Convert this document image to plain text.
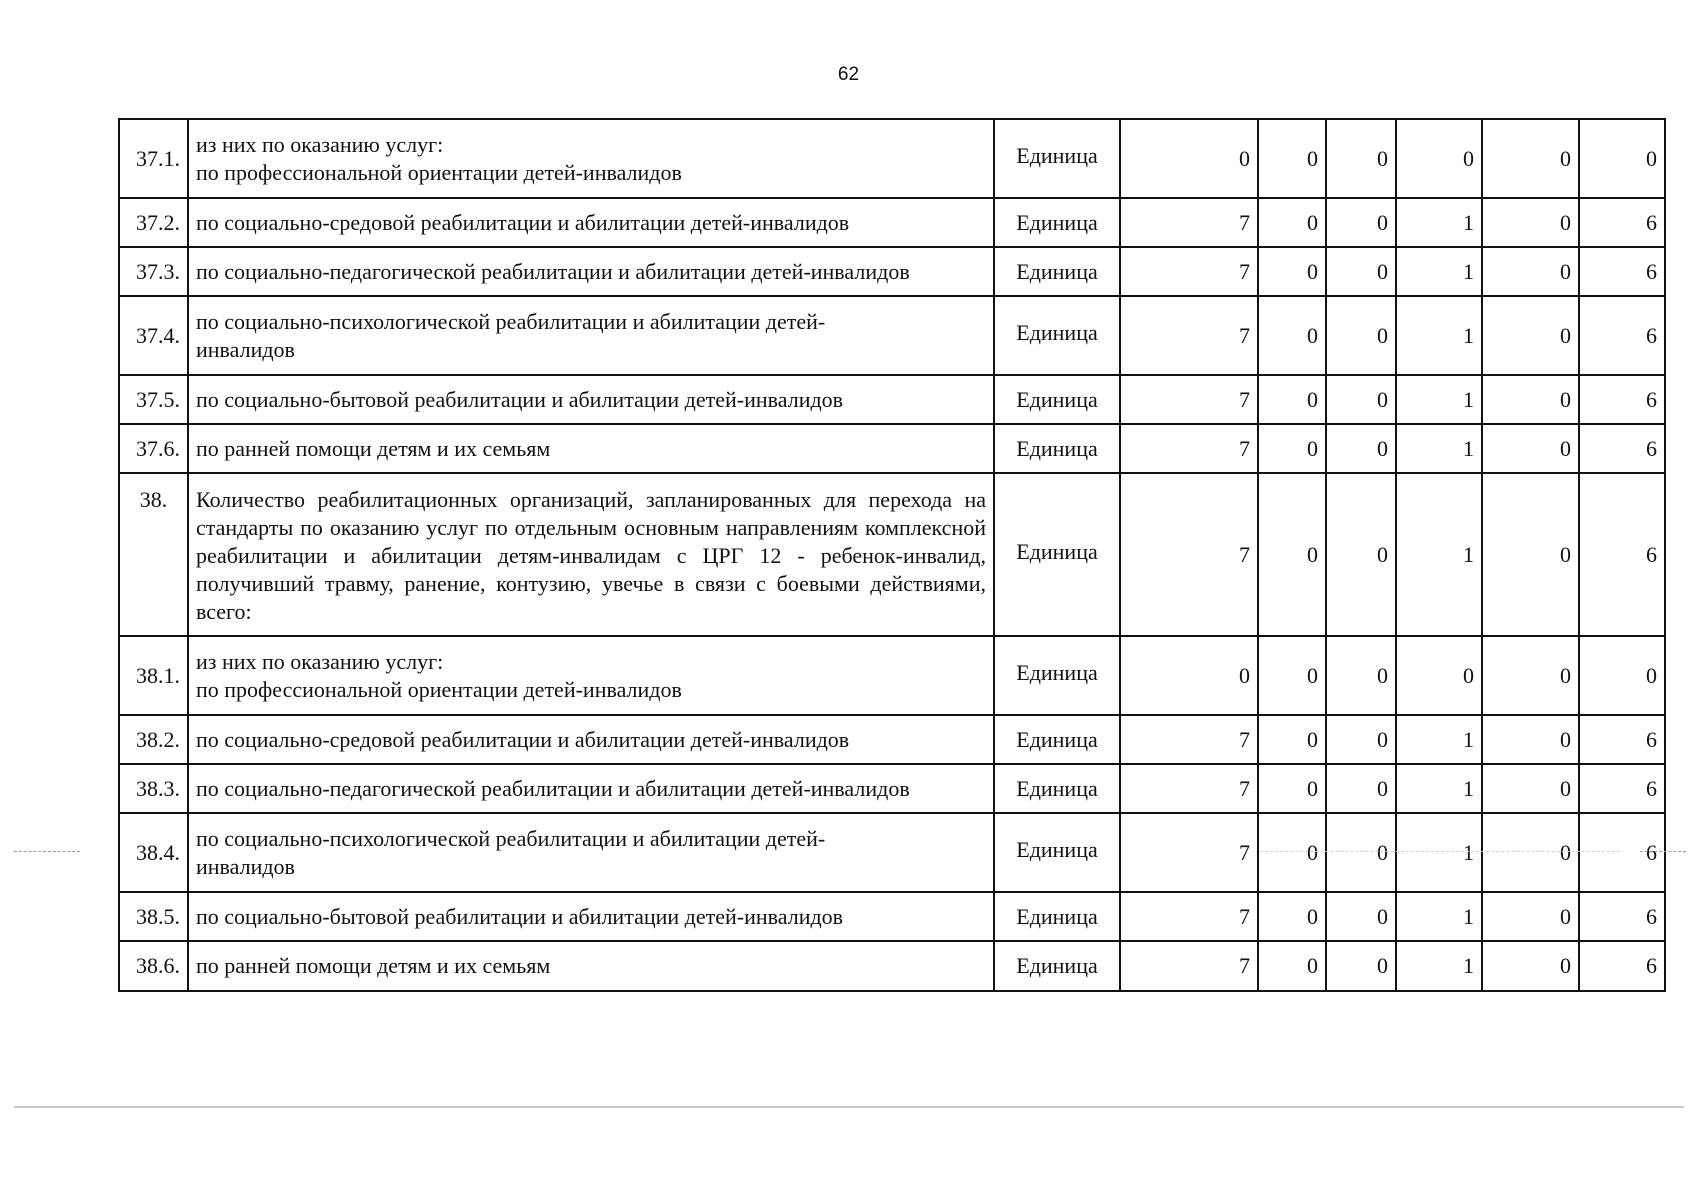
62
37.1.	из них по оказанию услуг:
по профессиональной ориентации детей-инвалидов	Единица	0	0	0	0	0	0
37.2.	по социально-средовой реабилитации и абилитации детей-инвалидов	Единица	7	0	0	1	0	6
37.3.	по социально-педагогической реабилитации и абилитации детей-инвалидов	Единица	7	0	0	1	0	6
37.4.	по социально-психологической реабилитации и абилитации детей-
инвалидов	Единица	7	0	0	1	0	6
37.5.	по социально-бытовой реабилитации и абилитации детей-инвалидов	Единица	7	0	0	1	0	6
37.6.	по ранней помощи детям и их семьям	Единица	7	0	0	1	0	6
38.	Количество реабилитационных организаций, запланированных для перехода на стандарты по оказанию услуг по отдельным основным направлениям комплексной реабилитации и абилитации детям-инвалидам с ЦРГ 12 - ребенок-инвалид, получивший травму, ранение, контузию, увечье в связи с боевыми действиями, всего:	Единица	7	0	0	1	0	6
38.1.	из них по оказанию услуг:
по профессиональной ориентации детей-инвалидов	Единица	0	0	0	0	0	0
38.2.	по социально-средовой реабилитации и абилитации детей-инвалидов	Единица	7	0	0	1	0	6
38.3.	по социально-педагогической реабилитации и абилитации детей-инвалидов	Единица	7	0	0	1	0	6
38.4.	по социально-психологической реабилитации и абилитации детей-
инвалидов	Единица	7	0	0	1	0	6
38.5.	по социально-бытовой реабилитации и абилитации детей-инвалидов	Единица	7	0	0	1	0	6
38.6.	по ранней помощи детям и их семьям	Единица	7	0	0	1	0	6
